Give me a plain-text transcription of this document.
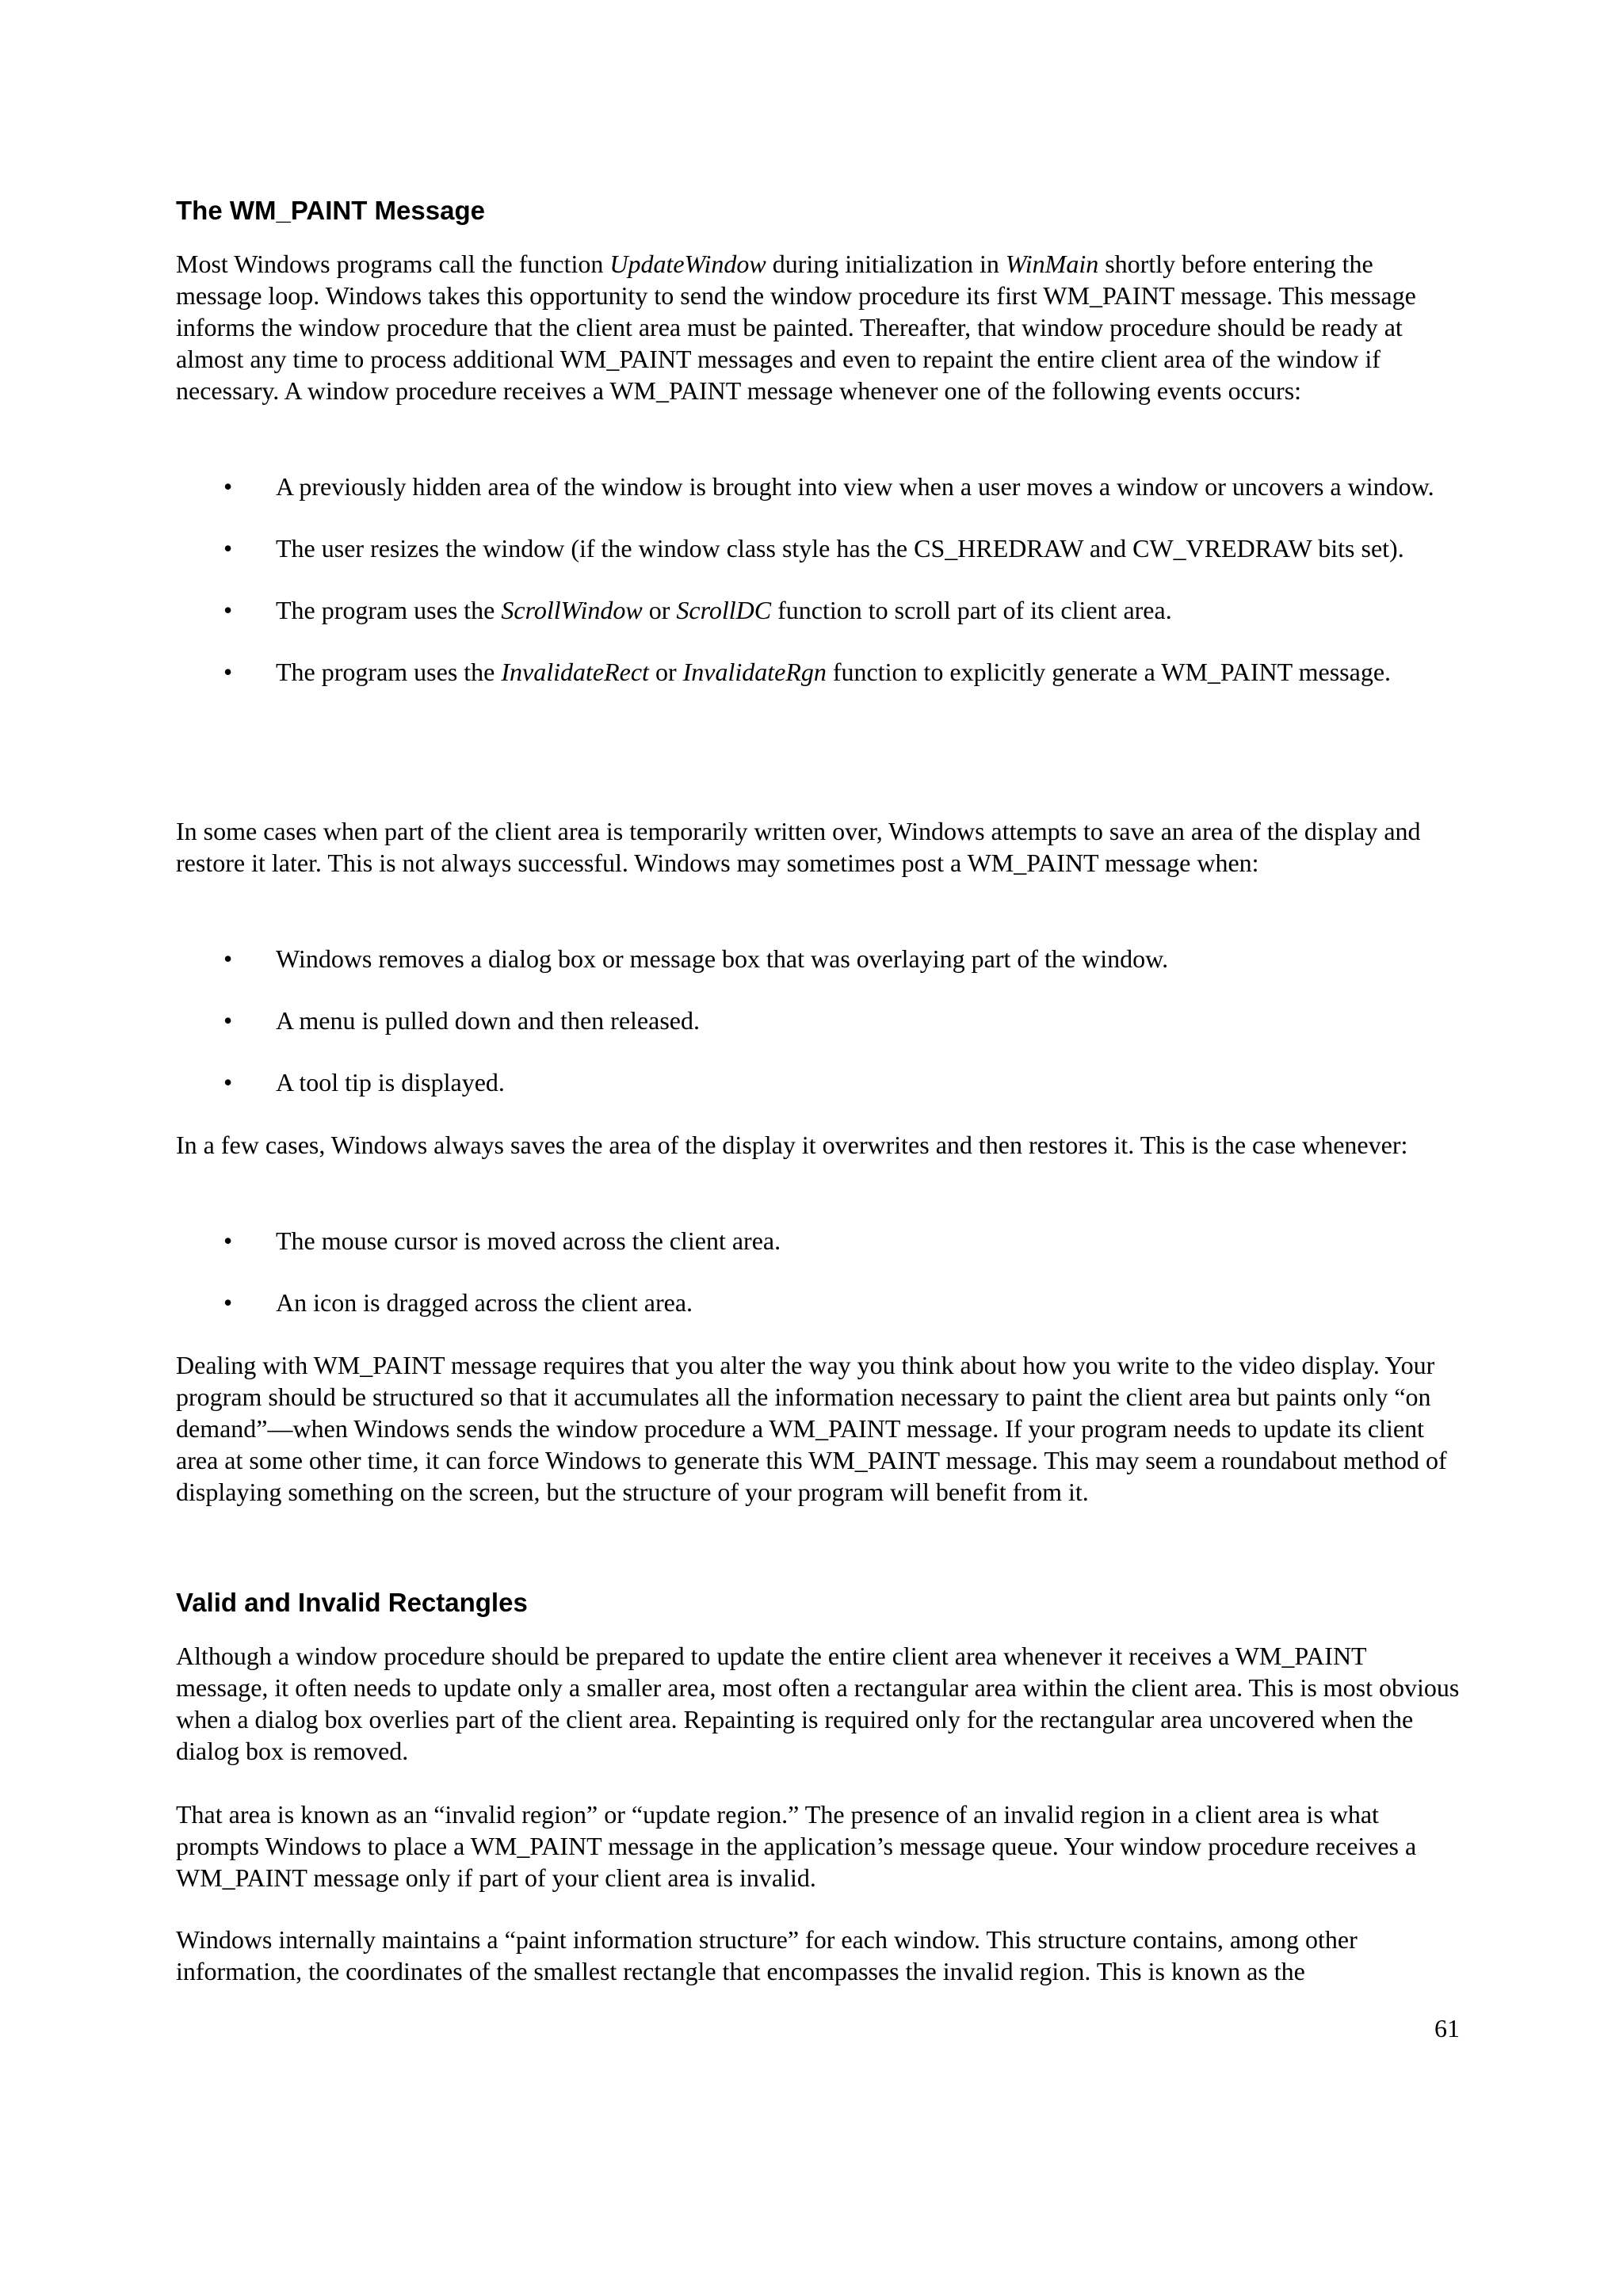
The WM_PAINT Message

Most Windows programs call the function UpdateWindow during initialization in WinMain shortly before entering the message loop. Windows takes this opportunity to send the window procedure its first WM_PAINT message. This message informs the window procedure that the client area must be painted. Thereafter, that window procedure should be ready at almost any time to process additional WM_PAINT messages and even to repaint the entire client area of the window if necessary. A window procedure receives a WM_PAINT message whenever one of the following events occurs:

• A previously hidden area of the window is brought into view when a user moves a window or uncovers a window.
• The user resizes the window (if the window class style has the CS_HREDRAW and CW_VREDRAW bits set).
• The program uses the ScrollWindow or ScrollDC function to scroll part of its client area.
• The program uses the InvalidateRect or InvalidateRgn function to explicitly generate a WM_PAINT message.

In some cases when part of the client area is temporarily written over, Windows attempts to save an area of the display and restore it later. This is not always successful. Windows may sometimes post a WM_PAINT message when:

• Windows removes a dialog box or message box that was overlaying part of the window.
• A menu is pulled down and then released.
• A tool tip is displayed.

In a few cases, Windows always saves the area of the display it overwrites and then restores it. This is the case whenever:

• The mouse cursor is moved across the client area.
• An icon is dragged across the client area.

Dealing with WM_PAINT message requires that you alter the way you think about how you write to the video display. Your program should be structured so that it accumulates all the information necessary to paint the client area but paints only “on demand”—when Windows sends the window procedure a WM_PAINT message. If your program needs to update its client area at some other time, it can force Windows to generate this WM_PAINT message. This may seem a roundabout method of displaying something on the screen, but the structure of your program will benefit from it.

Valid and Invalid Rectangles

Although a window procedure should be prepared to update the entire client area whenever it receives a WM_PAINT message, it often needs to update only a smaller area, most often a rectangular area within the client area. This is most obvious when a dialog box overlies part of the client area. Repainting is required only for the rectangular area uncovered when the dialog box is removed.

That area is known as an “invalid region” or “update region.” The presence of an invalid region in a client area is what prompts Windows to place a WM_PAINT message in the application’s message queue. Your window procedure receives a WM_PAINT message only if part of your client area is invalid.

Windows internally maintains a “paint information structure” for each window. This structure contains, among other information, the coordinates of the smallest rectangle that encompasses the invalid region. This is known as the

61
